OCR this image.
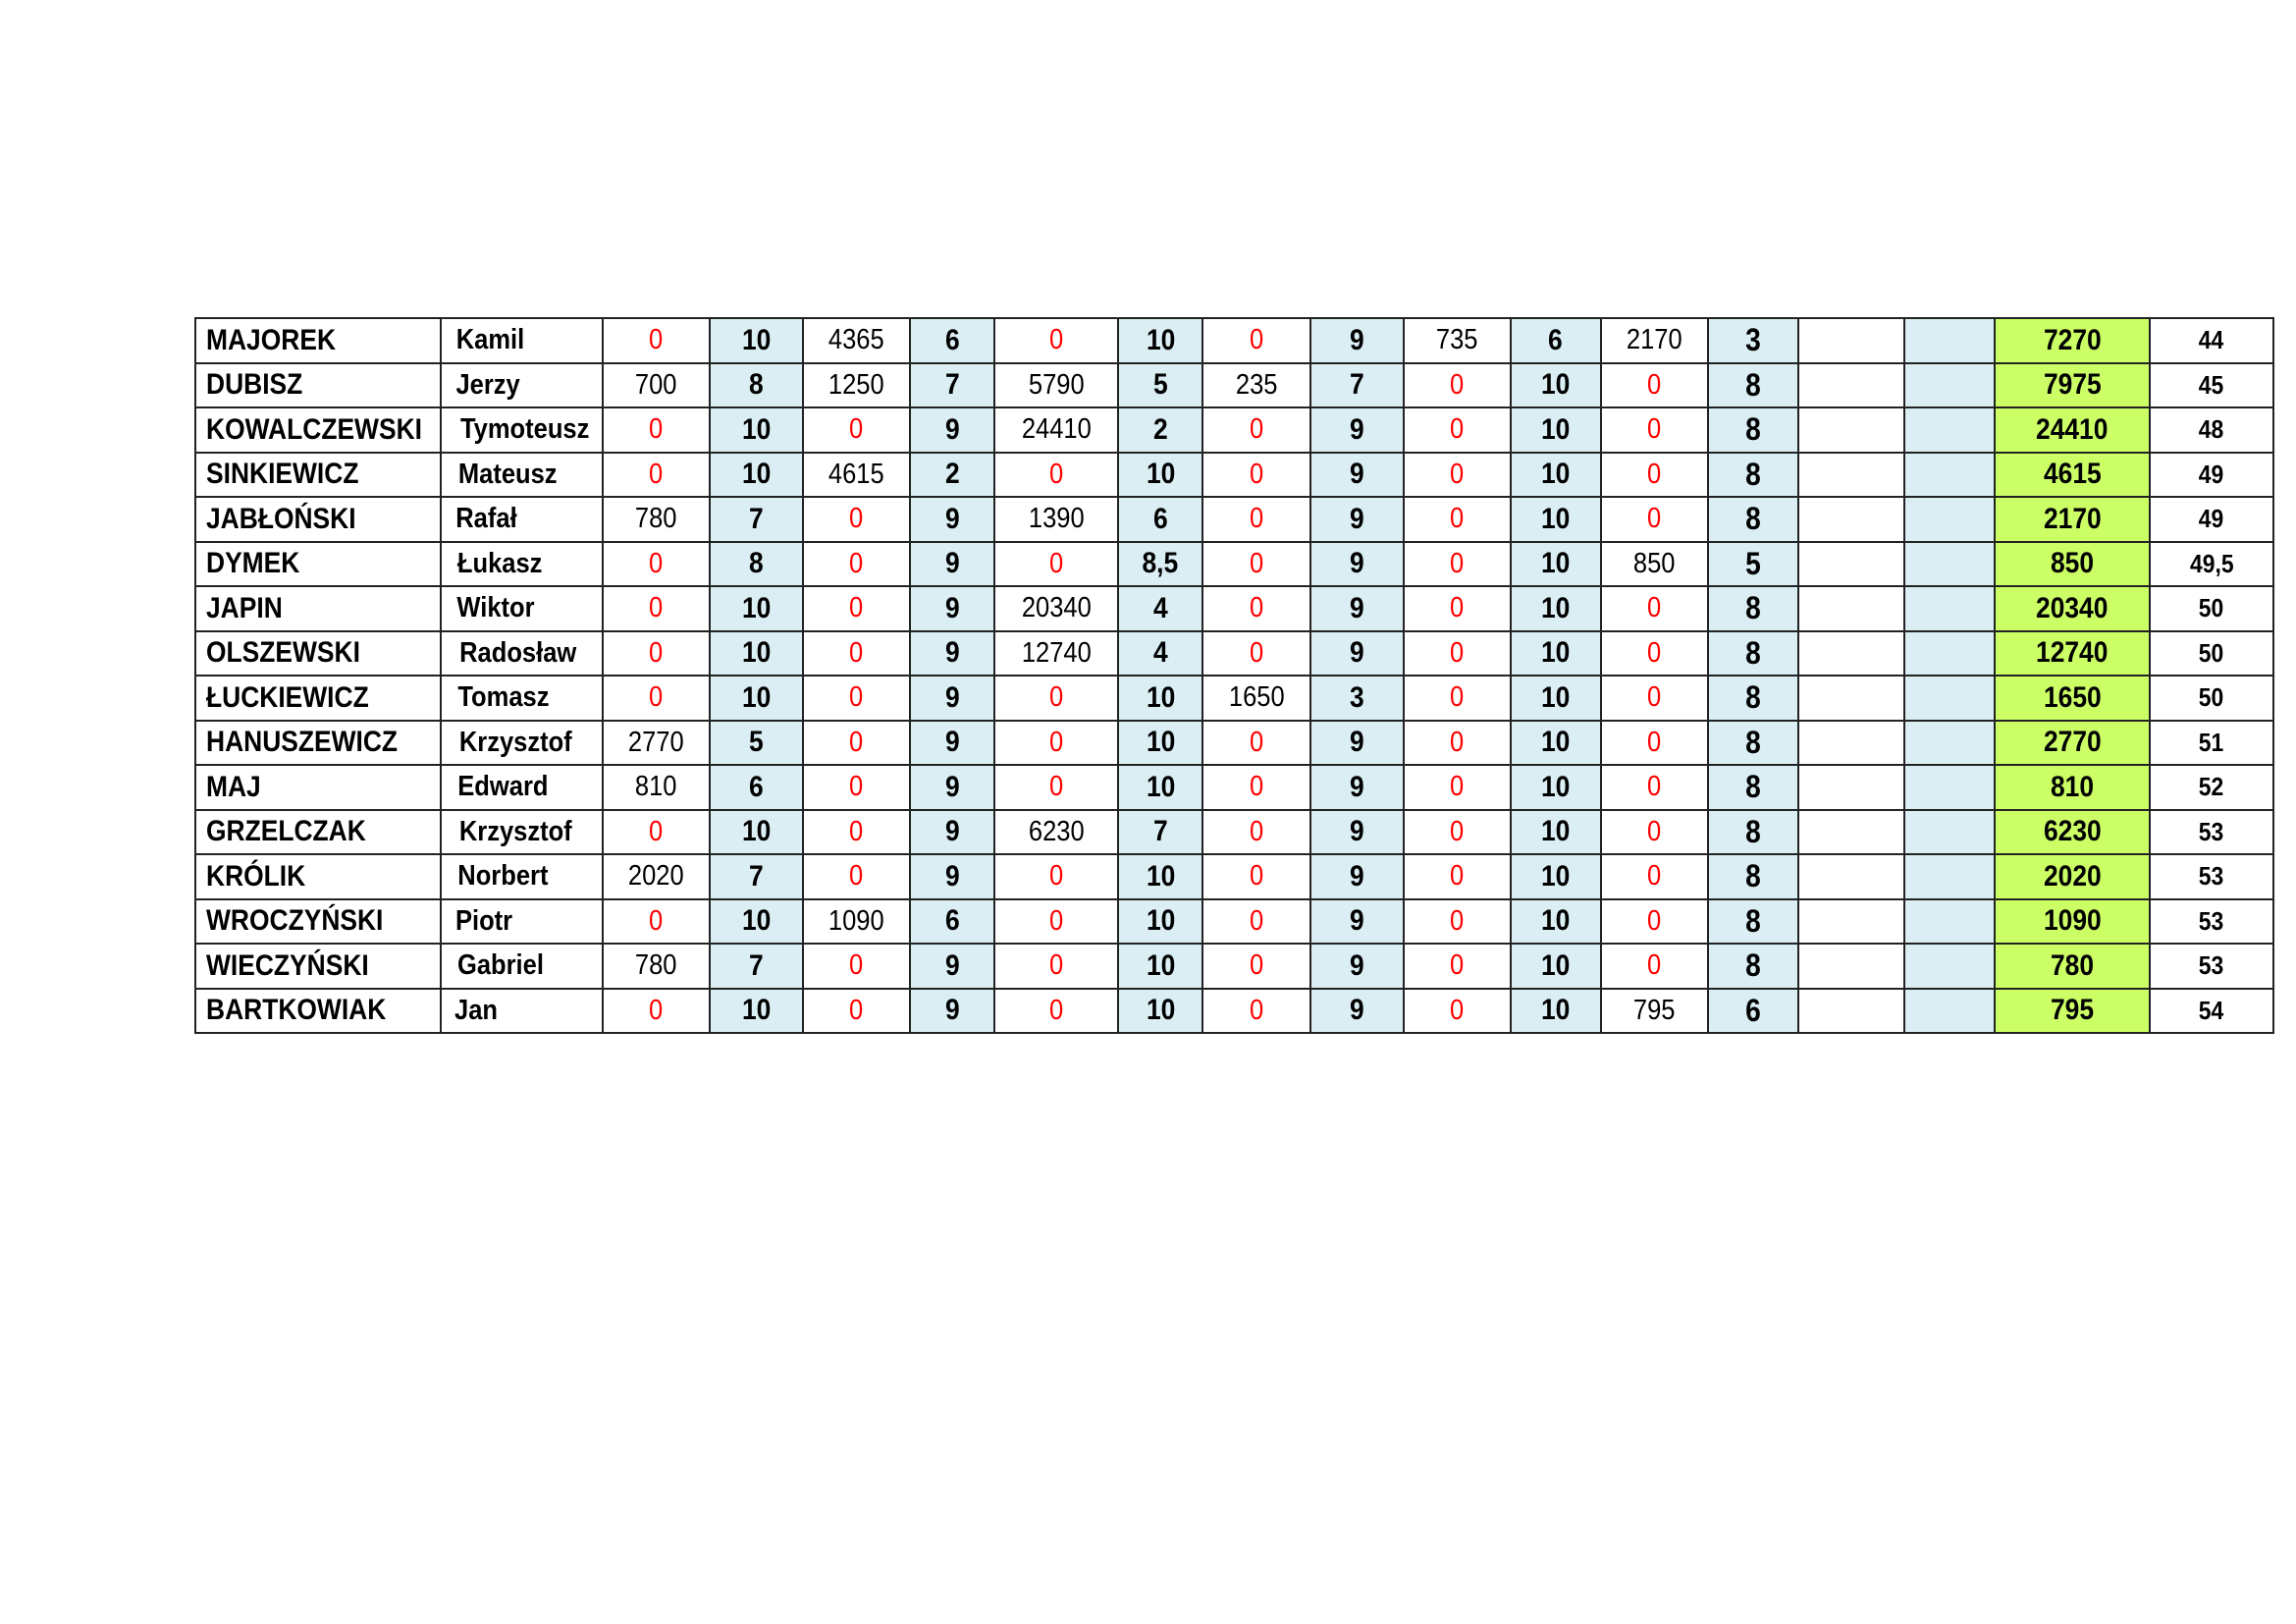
MAJOREK	Kamil	0	10	4365	6	0	10	0	9	735	6	2170	3			7270	44
DUBISZ	Jerzy	700	8	1250	7	5790	5	235	7	0	10	0	8			7975	45
KOWALCZEWSKI	Tymoteusz	0	10	0	9	24410	2	0	9	0	10	0	8			24410	48
SINKIEWICZ	Mateusz	0	10	4615	2	0	10	0	9	0	10	0	8			4615	49
JABŁOŃSKI	Rafał	780	7	0	9	1390	6	0	9	0	10	0	8			2170	49
DYMEK	Łukasz	0	8	0	9	0	8,5	0	9	0	10	850	5			850	49,5
JAPIN	Wiktor	0	10	0	9	20340	4	0	9	0	10	0	8			20340	50
OLSZEWSKI	Radosław	0	10	0	9	12740	4	0	9	0	10	0	8			12740	50
ŁUCKIEWICZ	Tomasz	0	10	0	9	0	10	1650	3	0	10	0	8			1650	50
HANUSZEWICZ	Krzysztof	2770	5	0	9	0	10	0	9	0	10	0	8			2770	51
MAJ	Edward	810	6	0	9	0	10	0	9	0	10	0	8			810	52
GRZELCZAK	Krzysztof	0	10	0	9	6230	7	0	9	0	10	0	8			6230	53
KRÓLIK	Norbert	2020	7	0	9	0	10	0	9	0	10	0	8			2020	53
WROCZYŃSKI	Piotr	0	10	1090	6	0	10	0	9	0	10	0	8			1090	53
WIECZYŃSKI	Gabriel	780	7	0	9	0	10	0	9	0	10	0	8			780	53
BARTKOWIAK	Jan	0	10	0	9	0	10	0	9	0	10	795	6			795	54
